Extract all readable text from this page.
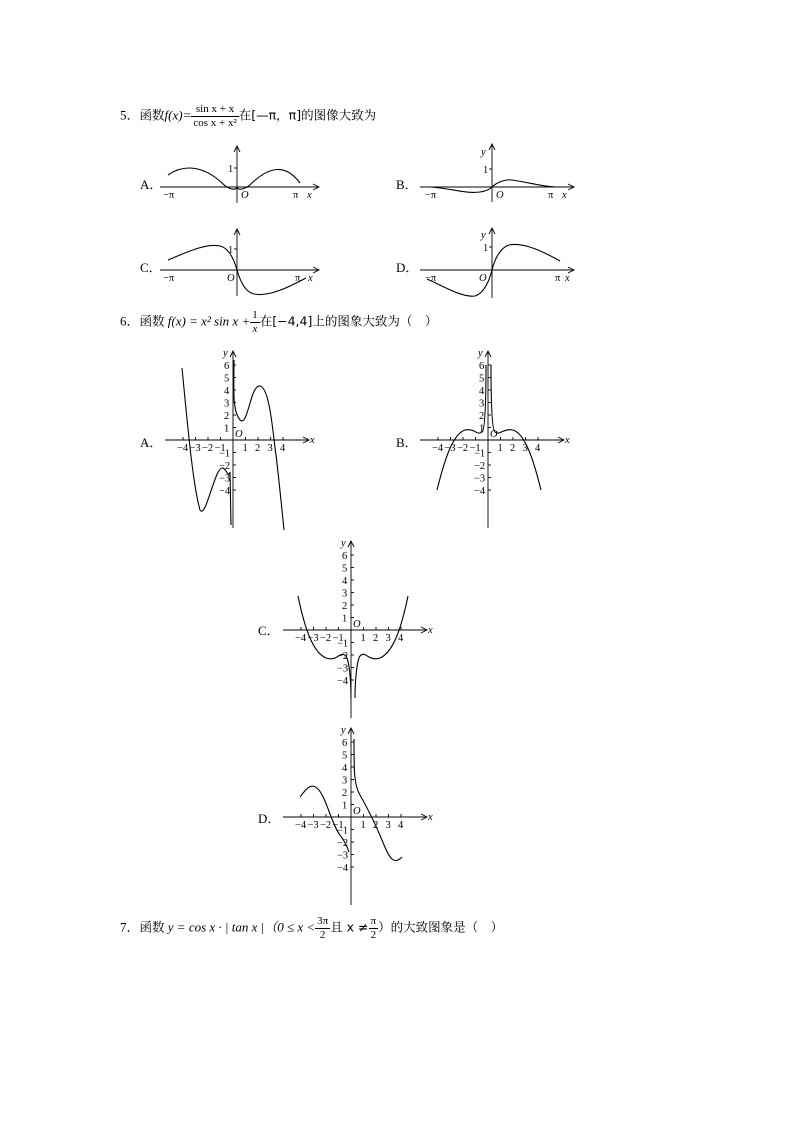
5．函数$f(x)= \frac{\text{sin x + x}}{\text{cos x + x²}}$ 在[—π，π]的图像大致为
A．	B．
C．	D．
1
O
−π	π x
1
y
O
−π	π x
1
O
−π	π x
1
y
O
−π	π x
6．函数 f(x) = x² $\sin x + \frac{1}{x}$ 在[−4,4]上的图象大致为（　）
A．	B．
C．
D．
y
x
O
−4 −3 −2 −1 1 2 3 4
1
2
3
4
5
6
−1
−2
−3
−4
y
x
O
−4 −3 −2 −1 1 2 3 4
1
2
3
4
5
6
−1
−2
−3
−4
y
x
O
−4 −3 −2 −1 1 2 3 4
1
2
3
4
5
6
−1
−2
−3
−4
y
x
O
−4 −3 −2 −1 1 2 3 4
1
2
3
4
5
6
−1
−2
−3
−4
7．函数 y = cos x · | tan x $|(0 \le x < \frac{3\pi}{2}$ 且 $x \ne \frac{\pi}{2}$ ）的大致图象是（　）
